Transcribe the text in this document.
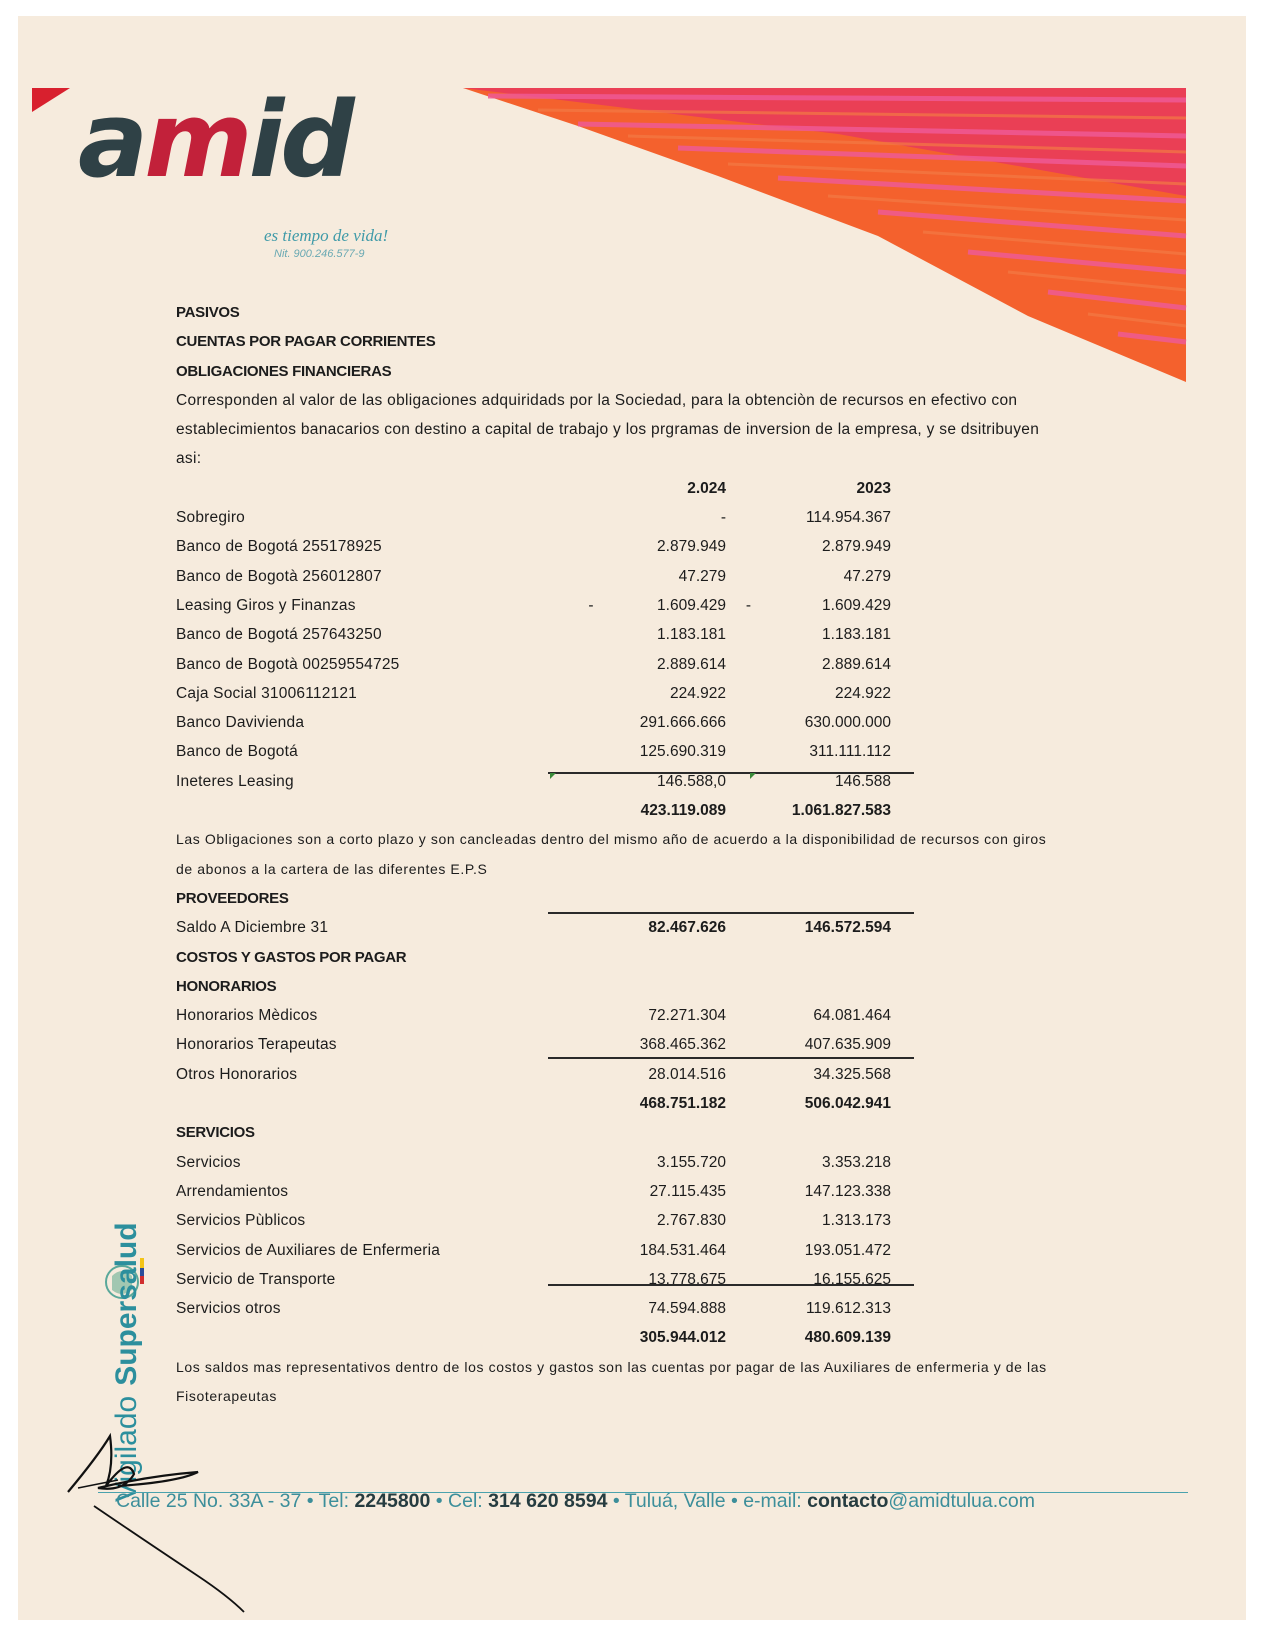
amid
es tiempo de vida!
Nit. 900.246.577-9
PASIVOS
CUENTAS POR PAGAR CORRIENTES
OBLIGACIONES FINANCIERAS
Corresponden al valor de las obligaciones adquiridads por la Sociedad, para la obtenciòn de recursos en efectivo con establecimientos banacarios con destino a capital de trabajo y los prgramas de inversion de la empresa, y se dsitribuyen asi:
2.024	2023
Sobregiro	-	114.954.367
Banco de Bogotá 255178925	2.879.949	2.879.949
Banco de Bogotà 256012807	47.279	47.279
Leasing Giros y Finanzas	-	1.609.429	-	1.609.429
Banco de Bogotá 257643250	1.183.181	1.183.181
Banco de Bogotà 00259554725	2.889.614	2.889.614
Caja Social 31006112121	224.922	224.922
Banco Davivienda	291.666.666	630.000.000
Banco de Bogotá	125.690.319	311.111.112
Ineteres Leasing	146.588,0	146.588
423.119.089	1.061.827.583
Las Obligaciones son a corto plazo y son cancleadas dentro del mismo año de acuerdo a la disponibilidad de recursos con giros de abonos a la cartera de las diferentes E.P.S
PROVEEDORES
Saldo A Diciembre 31	82.467.626	146.572.594
COSTOS Y GASTOS POR PAGAR
HONORARIOS
Honorarios Mèdicos	72.271.304	64.081.464
Honorarios Terapeutas	368.465.362	407.635.909
Otros Honorarios	28.014.516	34.325.568
468.751.182	506.042.941
SERVICIOS
Servicios	3.155.720	3.353.218
Arrendamientos	27.115.435	147.123.338
Servicios Pùblicos	2.767.830	1.313.173
Servicios de Auxiliares de Enfermeria	184.531.464	193.051.472
Servicio de Transporte	13.778.675	16.155.625
Servicios otros	74.594.888	119.612.313
305.944.012	480.609.139
Los saldos mas representativos dentro de los costos y gastos son las cuentas por pagar de las Auxiliares de enfermeria y de las Fisoterapeutas
VigiladoSupersalud
Calle 25 No. 33A - 37 • Tel: 2245800 • Cel: 314 620 8594 • Tuluá, Valle • e-mail: contacto@amidtulua.com
